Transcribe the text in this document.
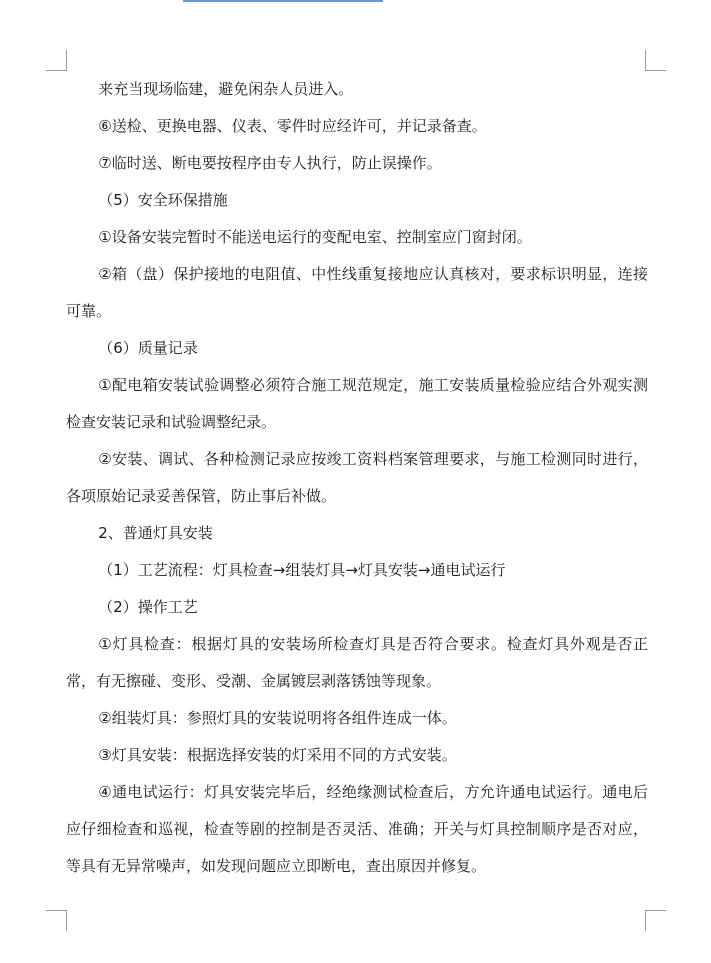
来充当现场临建，避免闲杂人员进入。

⑥送检、更换电器、仪表、零件时应经许可，并记录备查。

⑦临时送、断电要按程序由专人执行，防止误操作。

（5）安全环保措施

①设备安装完暂时不能送电运行的变配电室、控制室应门窗封闭。

②箱（盘）保护接地的电阻值、中性线重复接地应认真核对，要求标识明显，连接可靠。

（6）质量记录

①配电箱安装试验调整必须符合施工规范规定，施工安装质量检验应结合外观实测检查安装记录和试验调整纪录。

②安装、调试、各种检测记录应按竣工资料档案管理要求，与施工检测同时进行，各项原始记录妥善保管，防止事后补做。

2、普通灯具安装

（1）工艺流程：灯具检查→组装灯具→灯具安装→通电试运行

（2）操作工艺

①灯具检查：根据灯具的安装场所检查灯具是否符合要求。检查灯具外观是否正常，有无擦碰、变形、受潮、金属镀层剥落锈蚀等现象。

②组装灯具：参照灯具的安装说明将各组件连成一体。

③灯具安装：根据选择安装的灯采用不同的方式安装。

④通电试运行：灯具安装完毕后，经绝缘测试检查后，方允许通电试运行。通电后应仔细检查和巡视，检查等剧的控制是否灵活、准确；开关与灯具控制顺序是否对应，等具有无异常噪声，如发现问题应立即断电，查出原因并修复。
